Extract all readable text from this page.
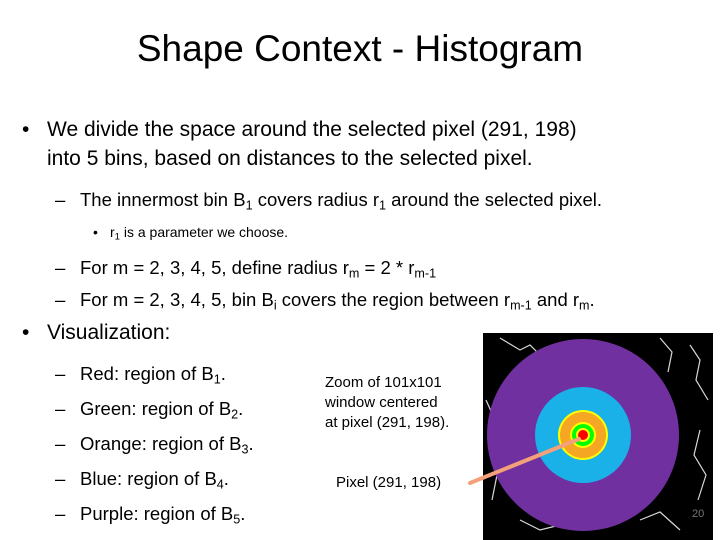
Shape Context - Histogram
• We divide the space around the selected pixel (291, 198)
into 5 bins, based on distances to the selected pixel.
– The innermost bin $B_1$ covers radius $r_1$ around the selected pixel.
• $r_1$ is a parameter we choose.
– For m = 2, 3, 4, 5, define radius $r_m = 2 * r_{m-1}$
– For m = 2, 3, 4, 5, bin $B_i$ covers the region between $r_{m-1}$ and $r_m$.
• Visualization:
– Red: region of $B_1$.
– Green: region of $B_2$.
– Orange: region of $B_3$.
– Blue: region of $B_4$.
– Purple: region of $B_5$.
Zoom of 101x101
window centered
at pixel (291, 198).
Pixel (291, 198)
20
